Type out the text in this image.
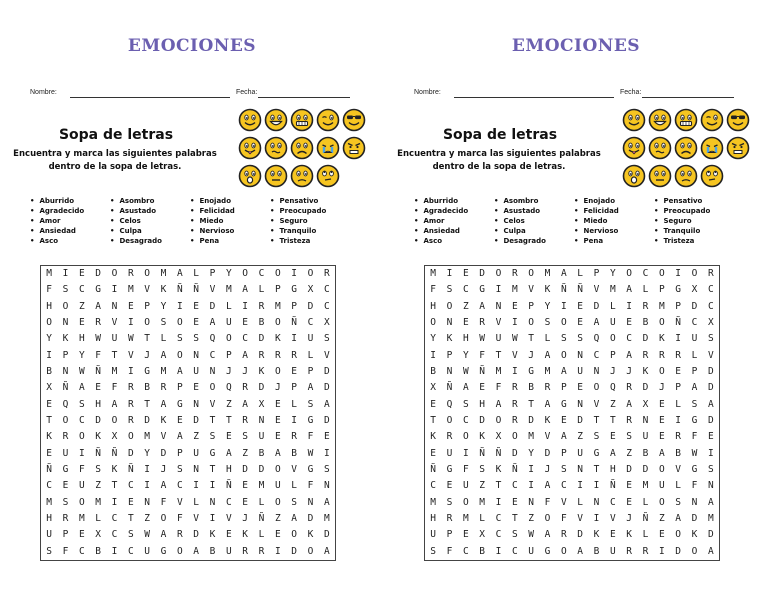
EMOCIONES
Nombre:	Fecha:
Sopa de letras
Encuentra y marca las siguientes palabras
dentro de la sopa de letras.
• Aburrido
• Agradecido
• Amor
• Ansiedad
• Asco
• Asombro
• Asustado
• Celos
• Culpa
• Desagrado
• Enojado
• Felicidad
• Miedo
• Nervioso
• Pena
• Pensativo
• Preocupado
• Seguro
• Tranquilo
• Tristeza
M	I	E	D	O	R	O	M	A	L	P	Y	O	C	O	I	O	R
F	S	C	G	I	M	V	K	Ñ	Ñ	V	M	A	L	P	G	X	C
H	O	Z	A	N	E	P	Y	I	E	D	L	I	R	M	P	D	C
O	N	E	R	V	I	O	S	O	E	A	U	E	B	O	Ñ	C	X
Y	K	H	W	U	W	T	L	S	S	Q	O	C	D	K	I	U	S
I	P	Y	F	T	V	J	A	O	N	C	P	A	R	R	R	L	V
B	N	W	Ñ	M	I	G	M	A	U	N	J	J	K	O	E	P	D
X	Ñ	A	E	F	R	B	R	P	E	O	Q	R	D	J	P	A	D
E	Q	S	H	A	R	T	A	G	N	V	Z	A	X	E	L	S	A
T	O	C	D	O	R	D	K	E	D	T	T	R	N	E	I	G	D
K	R	O	K	X	O	M	V	A	Z	S	E	S	U	E	R	F	E
E	U	I	Ñ	Ñ	D	Y	D	P	U	G	A	Z	B	A	B	W	I
Ñ	G	F	S	K	Ñ	I	J	S	N	T	H	D	D	O	V	G	S
C	E	U	Z	T	C	I	A	C	I	I	Ñ	E	M	U	L	F	N
M	S	O	M	I	E	N	F	V	L	N	C	E	L	O	S	N	A
H	R	M	L	C	T	Z	O	F	V	I	V	J	Ñ	Z	A	D	M
U	P	E	X	C	S	W	A	R	D	K	E	K	L	E	O	K	D
S	F	C	B	I	C	U	G	O	A	B	U	R	R	I	D	O	A
EMOCIONES
Nombre:	Fecha:
Sopa de letras
Encuentra y marca las siguientes palabras
dentro de la sopa de letras.
• Aburrido
• Agradecido
• Amor
• Ansiedad
• Asco
• Asombro
• Asustado
• Celos
• Culpa
• Desagrado
• Enojado
• Felicidad
• Miedo
• Nervioso
• Pena
• Pensativo
• Preocupado
• Seguro
• Tranquilo
• Tristeza
M	I	E	D	O	R	O	M	A	L	P	Y	O	C	O	I	O	R
F	S	C	G	I	M	V	K	Ñ	Ñ	V	M	A	L	P	G	X	C
H	O	Z	A	N	E	P	Y	I	E	D	L	I	R	M	P	D	C
O	N	E	R	V	I	O	S	O	E	A	U	E	B	O	Ñ	C	X
Y	K	H	W	U	W	T	L	S	S	Q	O	C	D	K	I	U	S
I	P	Y	F	T	V	J	A	O	N	C	P	A	R	R	R	L	V
B	N	W	Ñ	M	I	G	M	A	U	N	J	J	K	O	E	P	D
X	Ñ	A	E	F	R	B	R	P	E	O	Q	R	D	J	P	A	D
E	Q	S	H	A	R	T	A	G	N	V	Z	A	X	E	L	S	A
T	O	C	D	O	R	D	K	E	D	T	T	R	N	E	I	G	D
K	R	O	K	X	O	M	V	A	Z	S	E	S	U	E	R	F	E
E	U	I	Ñ	Ñ	D	Y	D	P	U	G	A	Z	B	A	B	W	I
Ñ	G	F	S	K	Ñ	I	J	S	N	T	H	D	D	O	V	G	S
C	E	U	Z	T	C	I	A	C	I	I	Ñ	E	M	U	L	F	N
M	S	O	M	I	E	N	F	V	L	N	C	E	L	O	S	N	A
H	R	M	L	C	T	Z	O	F	V	I	V	J	Ñ	Z	A	D	M
U	P	E	X	C	S	W	A	R	D	K	E	K	L	E	O	K	D
S	F	C	B	I	C	U	G	O	A	B	U	R	R	I	D	O	A
